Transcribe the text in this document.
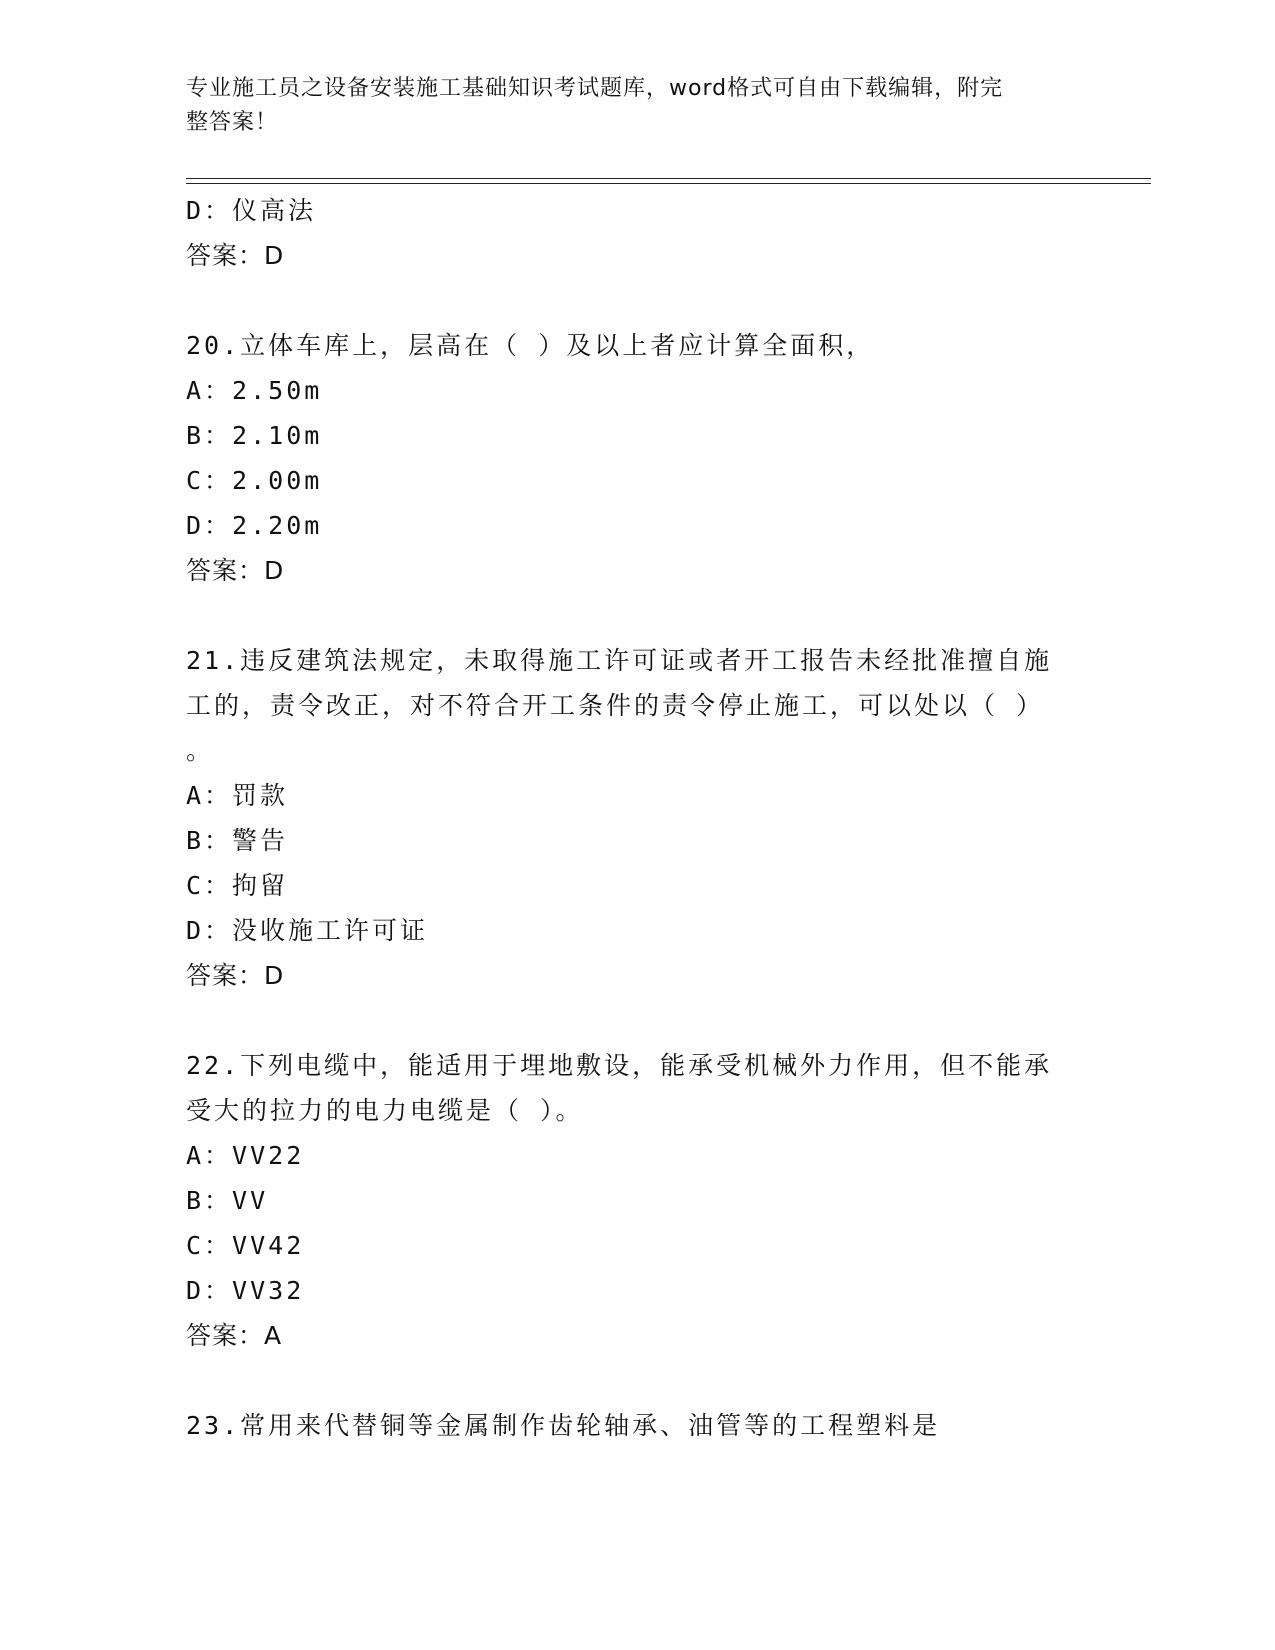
专业施工员之设备安装施工基础知识考试题库，word格式可自由下载编辑，附完
整答案！
D：仪高法
答案：D
20.立体车库上，层高在（ ）及以上者应计算全面积，
A：2.50m
B：2.10m
C：2.00m
D：2.20m
答案：D
21.违反建筑法规定，未取得施工许可证或者开工报告未经批准擅自施
工的，责令改正，对不符合开工条件的责令停止施工，可以处以（ ）
。
A：罚款
B：警告
C：拘留
D：没收施工许可证
答案：D
22.下列电缆中，能适用于埋地敷设，能承受机械外力作用，但不能承
受大的拉力的电力电缆是（ ）。
A：VV22
B：VV
C：VV42
D：VV32
答案：A
23.常用来代替铜等金属制作齿轮轴承、油管等的工程塑料是
